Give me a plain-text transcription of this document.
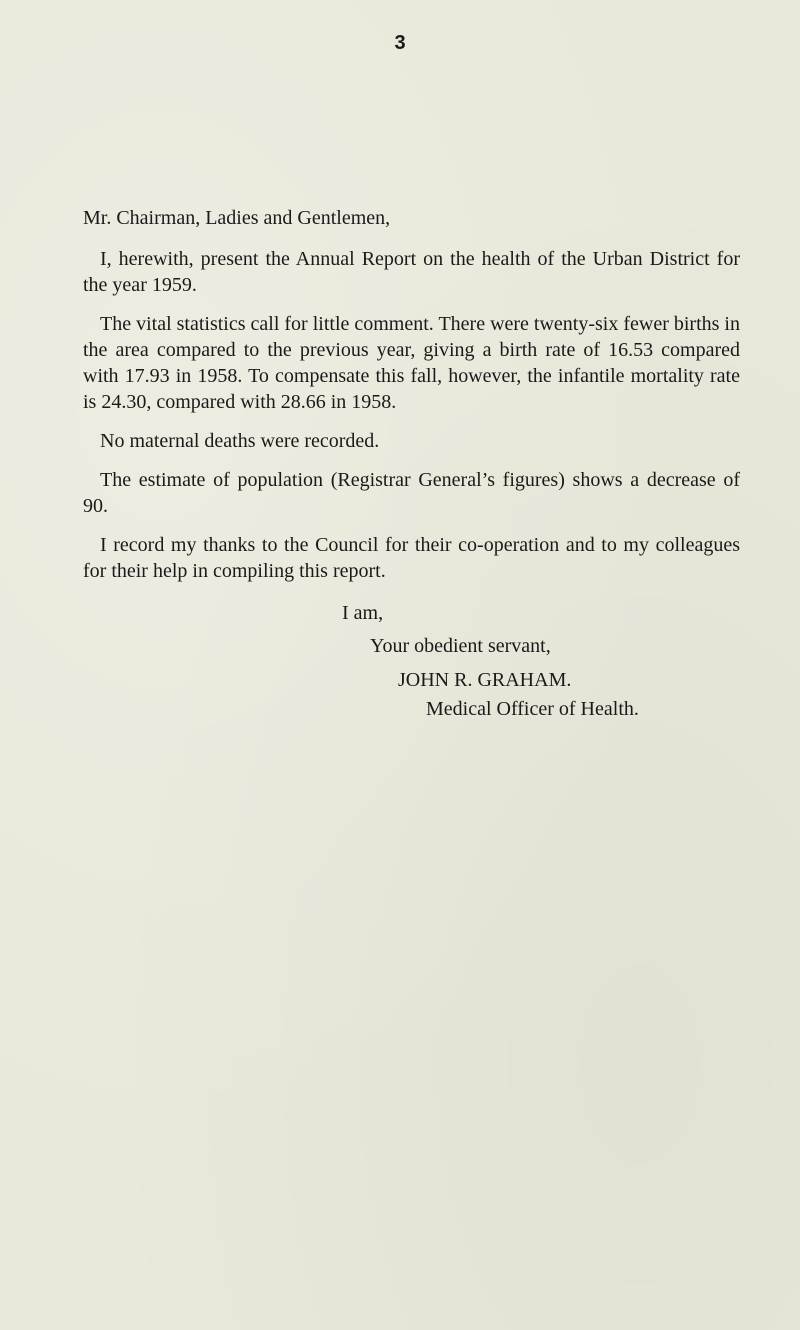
3

Mr. Chairman, Ladies and Gentlemen,

I, herewith, present the Annual Report on the health of the Urban District for the year 1959.

The vital statistics call for little comment. There were twenty-six fewer births in the area compared to the previous year, giving a birth rate of 16.53 compared with 17.93 in 1958. To compensate this fall, however, the infantile mortality rate is 24.30, compared with 28.66 in 1958.

No maternal deaths were recorded.

The estimate of population (Registrar General’s figures) shows a decrease of 90.

I record my thanks to the Council for their co-operation and to my colleagues for their help in compiling this report.

I am,

Your obedient servant,

JOHN R. GRAHAM.

Medical Officer of Health.
